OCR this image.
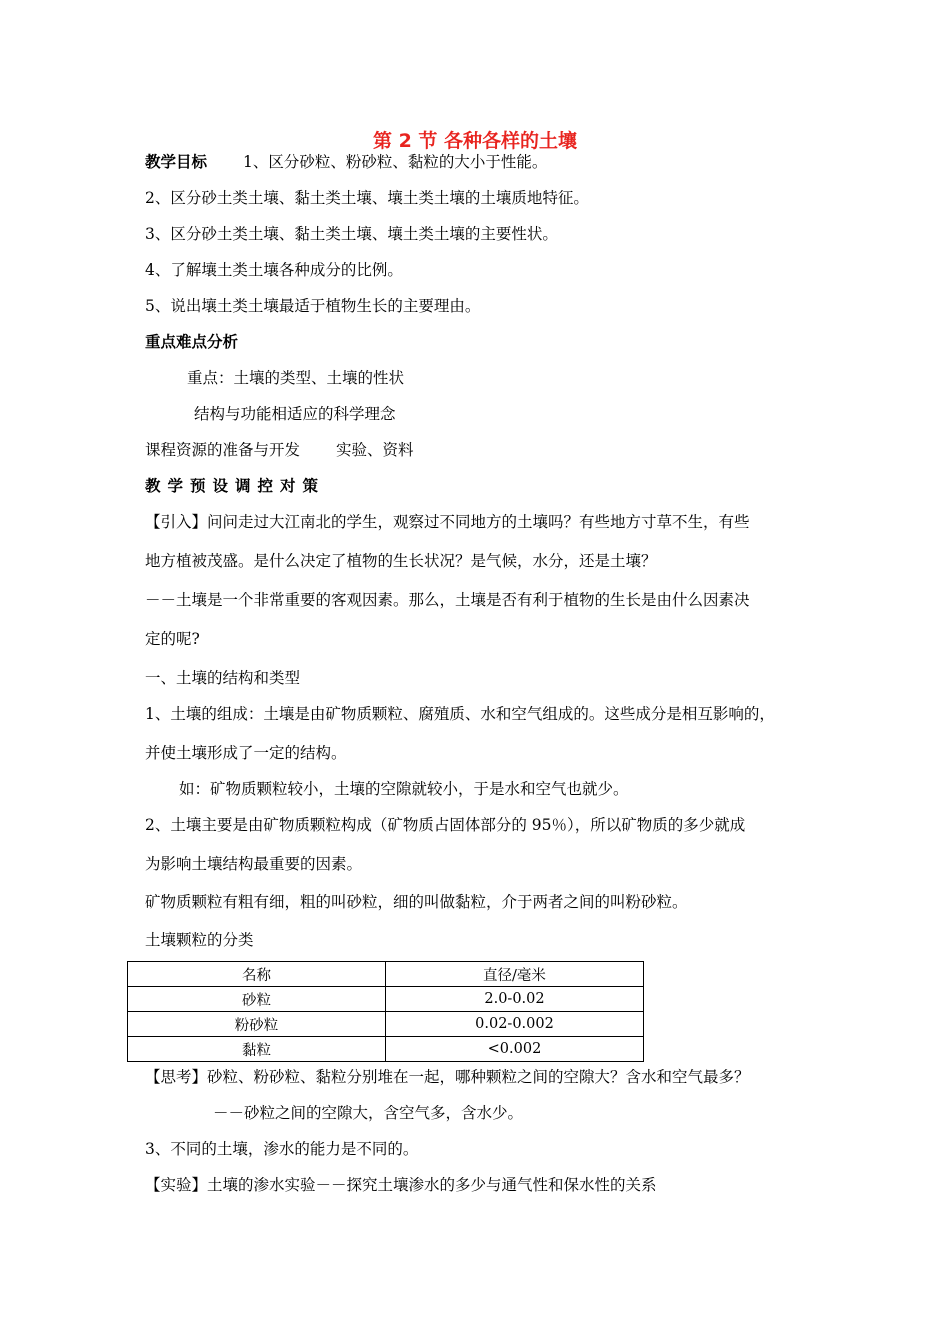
第 2 节 各种各样的土壤
教学目标 1、区分砂粒、粉砂粒、黏粒的大小于性能。
2、区分砂土类土壤、黏土类土壤、壤土类土壤的土壤质地特征。
3、区分砂土类土壤、黏土类土壤、壤土类土壤的主要性状。
4、了解壤土类土壤各种成分的比例。
5、说出壤土类土壤最适于植物生长的主要理由。
重点难点分析
重点：土壤的类型、土壤的性状
结构与功能相适应的科学理念
课程资源的准备与开发 实验、资料
教学预设调控对策
【引入】问问走过大江南北的学生，观察过不同地方的土壤吗？有些地方寸草不生，有些
地方植被茂盛。是什么决定了植物的生长状况？是气候，水分，还是土壤？
－－土壤是一个非常重要的客观因素。那么，土壤是否有利于植物的生长是由什么因素决
定的呢?
一、土壤的结构和类型
1、土壤的组成：土壤是由矿物质颗粒、腐殖质、水和空气组成的。这些成分是相互影响的，
并使土壤形成了一定的结构。
如：矿物质颗粒较小，土壤的空隙就较小，于是水和空气也就少。
2、土壤主要是由矿物质颗粒构成（矿物质占固体部分的 95％），所以矿物质的多少就成
为影响土壤结构最重要的因素。
矿物质颗粒有粗有细，粗的叫砂粒，细的叫做黏粒，介于两者之间的叫粉砂粒。
土壤颗粒的分类
名称	直径/毫米
砂粒	2.0-0.02
粉砂粒	0.02-0.002
黏粒	<0.002
【思考】砂粒、粉砂粒、黏粒分别堆在一起，哪种颗粒之间的空隙大？含水和空气最多？
－－砂粒之间的空隙大，含空气多，含水少。
3、不同的土壤，渗水的能力是不同的。
【实验】土壤的渗水实验－－探究土壤渗水的多少与通气性和保水性的关系
